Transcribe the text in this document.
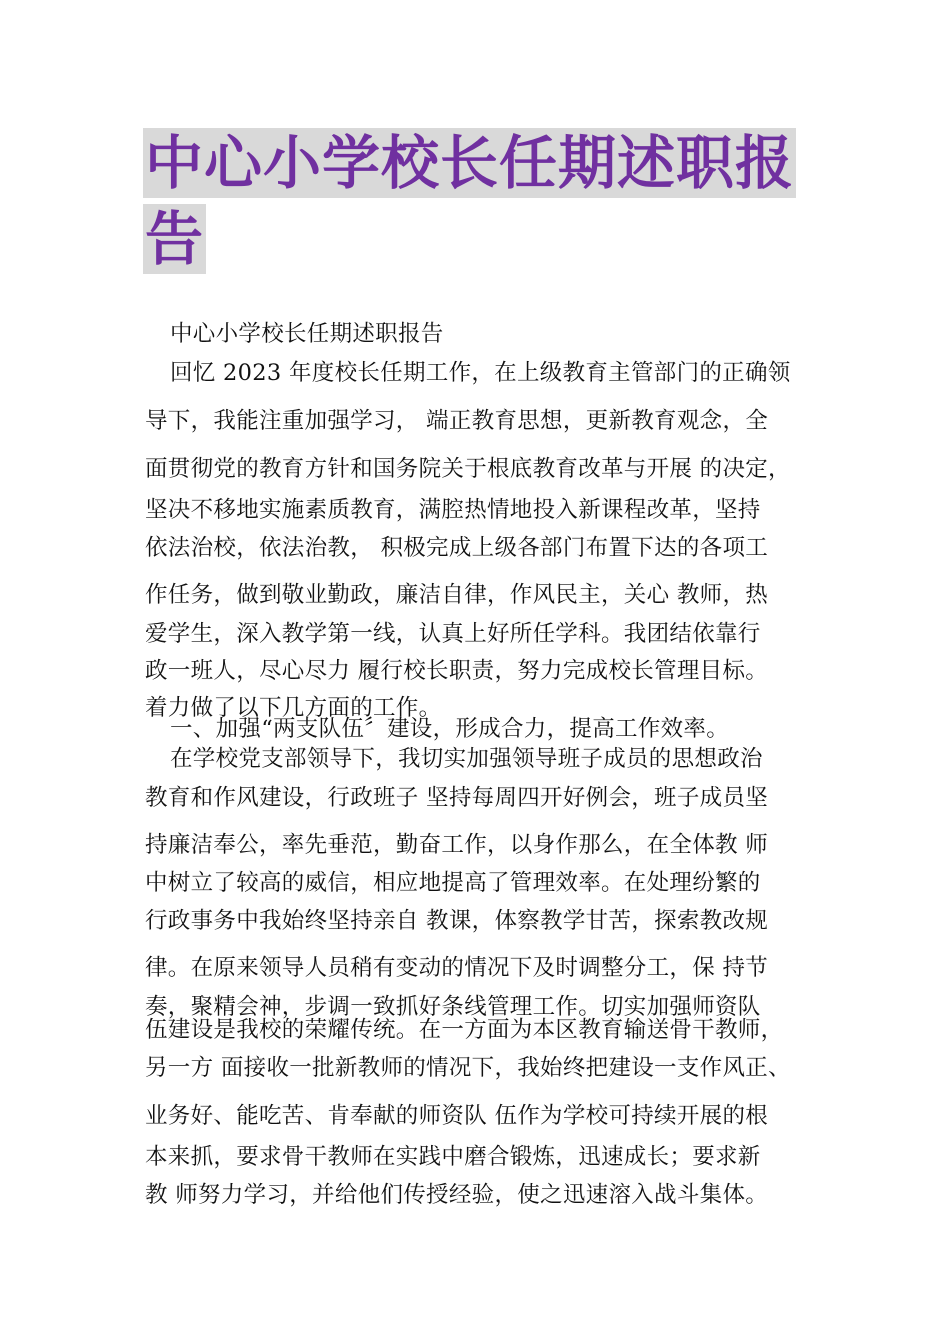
中心小学校长任期述职报
告
中心小学校长任期述职报告
回忆 2023 年度校长任期工作，在上级教育主管部门的正确领
导下，我能注重加强学习， 端正教育思想，更新教育观念，全
面贯彻党的教育方针和国务院关于根底教育改革与开展 的决定，
坚决不移地实施素质教育，满腔热情地投入新课程改革，坚持
依法治校，依法治教， 积极完成上级各部门布置下达的各项工
作任务，做到敬业勤政，廉洁自律，作风民主，关心 教师，热
爱学生，深入教学第一线，认真上好所任学科。我团结依靠行
政一班人，尽心尽力 履行校长职责，努力完成校长管理目标。
着力做了以下几方面的工作。
一、加强“两支队伍〞建设，形成合力，提高工作效率。
在学校党支部领导下，我切实加强领导班子成员的思想政治
教育和作风建设，行政班子 坚持每周四开好例会，班子成员坚
持廉洁奉公，率先垂范，勤奋工作，以身作那么，在全体教 师
中树立了较高的威信，相应地提高了管理效率。在处理纷繁的
行政事务中我始终坚持亲自 教课，体察教学甘苦，探索教改规
律。在原来领导人员稍有变动的情况下及时调整分工，保 持节
奏，聚精会神，步调一致抓好条线管理工作。切实加强师资队
伍建设是我校的荣耀传统。在一方面为本区教育输送骨干教师，
另一方 面接收一批新教师的情况下，我始终把建设一支作风正、
业务好、能吃苦、肯奉献的师资队 伍作为学校可持续开展的根
本来抓，要求骨干教师在实践中磨合锻炼，迅速成长；要求新
教 师努力学习，并给他们传授经验，使之迅速溶入战斗集体。
